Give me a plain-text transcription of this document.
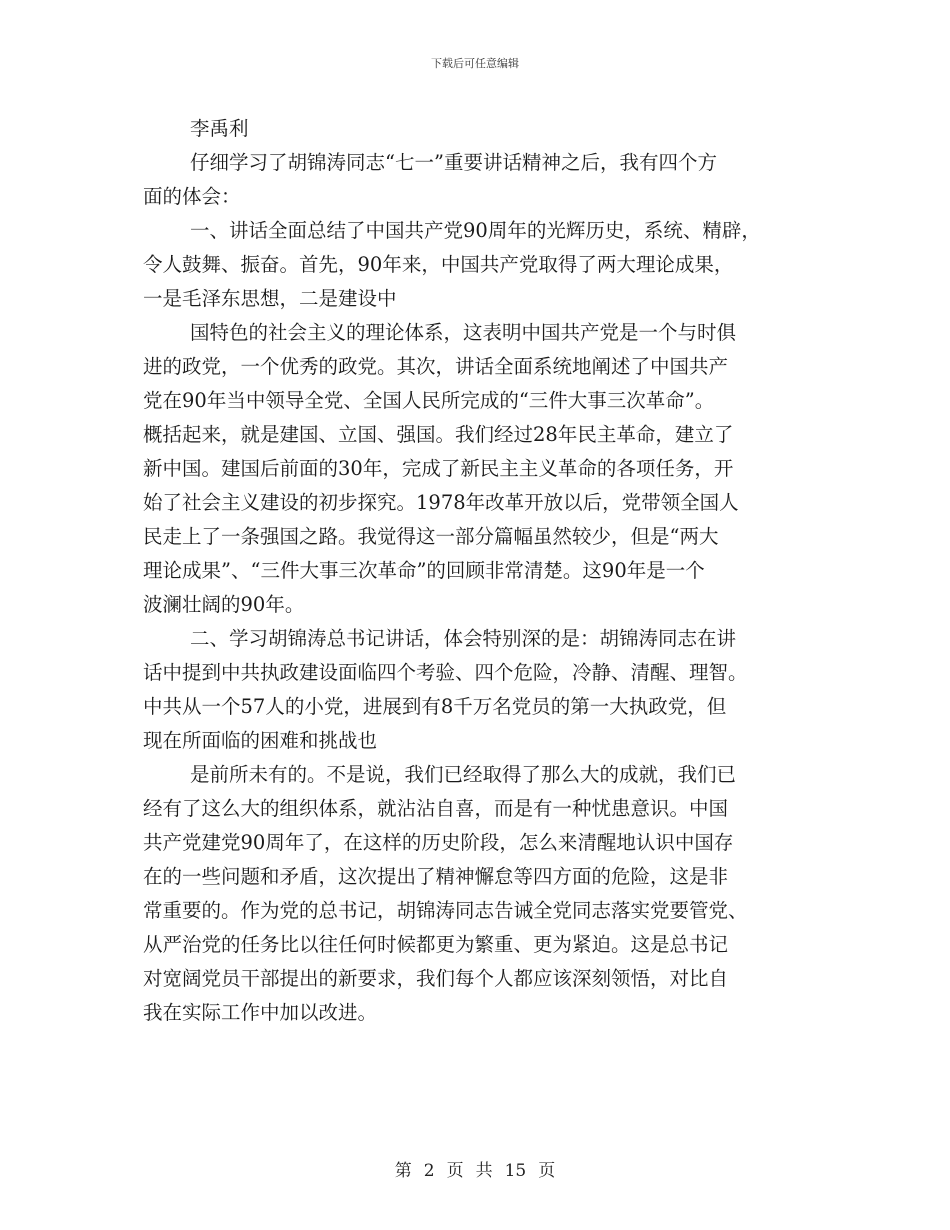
下载后可任意编辑
李禹利
仔细学习了胡锦涛同志“七一”重要讲话精神之后，我有四个方
面的体会：
一、讲话全面总结了中国共产党90周年的光辉历史，系统、精辟，
令人鼓舞、振奋。首先，90年来，中国共产党取得了两大理论成果，
一是毛泽东思想，二是建设中
国特色的社会主义的理论体系，这表明中国共产党是一个与时俱
进的政党，一个优秀的政党。其次，讲话全面系统地阐述了中国共产
党在90年当中领导全党、全国人民所完成的“三件大事三次革命”。
概括起来，就是建国、立国、强国。我们经过28年民主革命，建立了
新中国。建国后前面的30年，完成了新民主主义革命的各项任务，开
始了社会主义建设的初步探究。1978年改革开放以后，党带领全国人
民走上了一条强国之路。我觉得这一部分篇幅虽然较少，但是“两大
理论成果”、“三件大事三次革命”的回顾非常清楚。这90年是一个
波澜壮阔的90年。
二、学习胡锦涛总书记讲话，体会特别深的是：胡锦涛同志在讲
话中提到中共执政建设面临四个考验、四个危险，冷静、清醒、理智。
中共从一个57人的小党，进展到有8千万名党员的第一大执政党，但
现在所面临的困难和挑战也
是前所未有的。不是说，我们已经取得了那么大的成就，我们已
经有了这么大的组织体系，就沾沾自喜，而是有一种忧患意识。中国
共产党建党90周年了，在这样的历史阶段，怎么来清醒地认识中国存
在的一些问题和矛盾，这次提出了精神懈怠等四方面的危险，这是非
常重要的。作为党的总书记，胡锦涛同志告诫全党同志落实党要管党、
从严治党的任务比以往任何时候都更为繁重、更为紧迫。这是总书记
对宽阔党员干部提出的新要求，我们每个人都应该深刻领悟，对比自
我在实际工作中加以改进。
第 2 页 共 15 页
